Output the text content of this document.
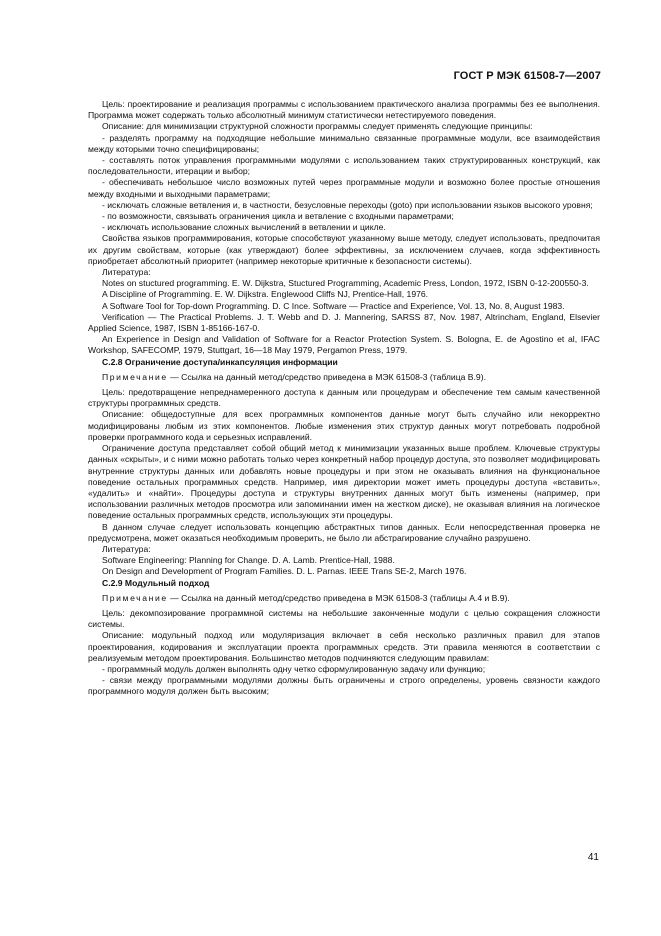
ГОСТ Р МЭК 61508-7—2007

Цель: проектирование и реализация программы с использованием практического анализа программы без ее выполнения. Программа может содержать только абсолютный минимум статистически нетестируемого поведения.

Описание: для минимизации структурной сложности программы следует применять следующие принципы:

- разделять программу на подходящие небольшие минимально связанные программные модули, все взаимодействия между которыми точно специфицированы;

- составлять поток управления программными модулями с использованием таких структурированных конструкций, как последовательности, итерации и выбор;

- обеспечивать небольшое число возможных путей через программные модули и возможно более простые отношения между входными и выходными параметрами;

- исключать сложные ветвления и, в частности, безусловные переходы (goto) при использовании языков высокого уровня;

- по возможности, связывать ограничения цикла и ветвление с входными параметрами;

- исключать использование сложных вычислений в ветвлении и цикле.

Свойства языков программирования, которые способствуют указанному выше методу, следует использовать, предпочитая их другим свойствам, которые (как утверждают) более эффективны, за исключением случаев, когда эффективность приобретает абсолютный приоритет (например некоторые критичные к безопасности системы).

Литература:

Notes on stuctured programming. E. W. Dijkstra, Stuctured Programming, Academic Press, London, 1972, ISBN 0-12-200550-3.

A Discipline of Programming. E. W. Dijkstra. Englewood Cliffs NJ, Prentice-Hall, 1976.

A Software Tool for Top-down Programming. D. C Ince. Software — Practice and Experience, Vol. 13, No. 8, August 1983.

Verification — The Practical Problems. J. T. Webb and D. J. Mannering, SARSS 87, Nov. 1987, Altrincham, England, Elsevier Applied Science, 1987, ISBN 1-85166-167-0.

An Experience in Design and Validation of Software for a Reactor Protection System. S. Bologna, E. de Agostino et al, IFAC Workshop, SAFECOMP, 1979, Stuttgart, 16—18 May 1979, Pergamon Press, 1979.

С.2.8 Ограничение доступа/инкапсуляция информации

Примечание — Ссылка на данный метод/средство приведена в МЭК 61508-3 (таблица В.9).

Цель: предотвращение непреднамеренного доступа к данным или процедурам и обеспечение тем самым качественной структуры программных средств.

Описание: общедоступные для всех программных компонентов данные могут быть случайно или некорректно модифицированы любым из этих компонентов. Любые изменения этих структур данных могут потребовать подробной проверки программного кода и серьезных исправлений.

Ограничение доступа представляет собой общий метод к минимизации указанных выше проблем. Ключевые структуры данных «скрыты», и с ними можно работать только через конкретный набор процедур доступа, это позволяет модифицировать внутренние структуры данных или добавлять новые процедуры и при этом не оказывать влияния на функциональное поведение остальных программных средств. Например, имя директории может иметь процедуры доступа «вставить», «удалить» и «найти». Процедуры доступа и структуры внутренних данных могут быть изменены (например, при использовании различных методов просмотра или запоминании имен на жестком диске), не оказывая влияния на логическое поведение остальных программных средств, использующих эти процедуры.

В данном случае следует использовать концепцию абстрактных типов данных. Если непосредственная проверка не предусмотрена, может оказаться необходимым проверить, не было ли абстрагирование случайно разрушено.

Литература:

Software Engineering: Planning for Change. D. A. Lamb. Prentice-Hall, 1988.

On Design and Development of Program Families. D. L. Parnas. IEEE Trans SE-2, March 1976.

С.2.9 Модульный подход

Примечание — Ссылка на данный метод/средство приведена в МЭК 61508-3 (таблицы А.4 и В.9).

Цель: декомпозирование программной системы на небольшие законченные модули с целью сокращения сложности системы.

Описание: модульный подход или модуляризация включает в себя несколько различных правил для этапов проектирования, кодирования и эксплуатации проекта программных средств. Эти правила меняются в соответствии с реализуемым методом проектирования. Большинство методов подчиняются следующим правилам:

- программный модуль должен выполнять одну четко сформулированную задачу или функцию;

- связи между программными модулями должны быть ограничены и строго определены, уровень связности каждого программного модуля должен быть высоким;

41
